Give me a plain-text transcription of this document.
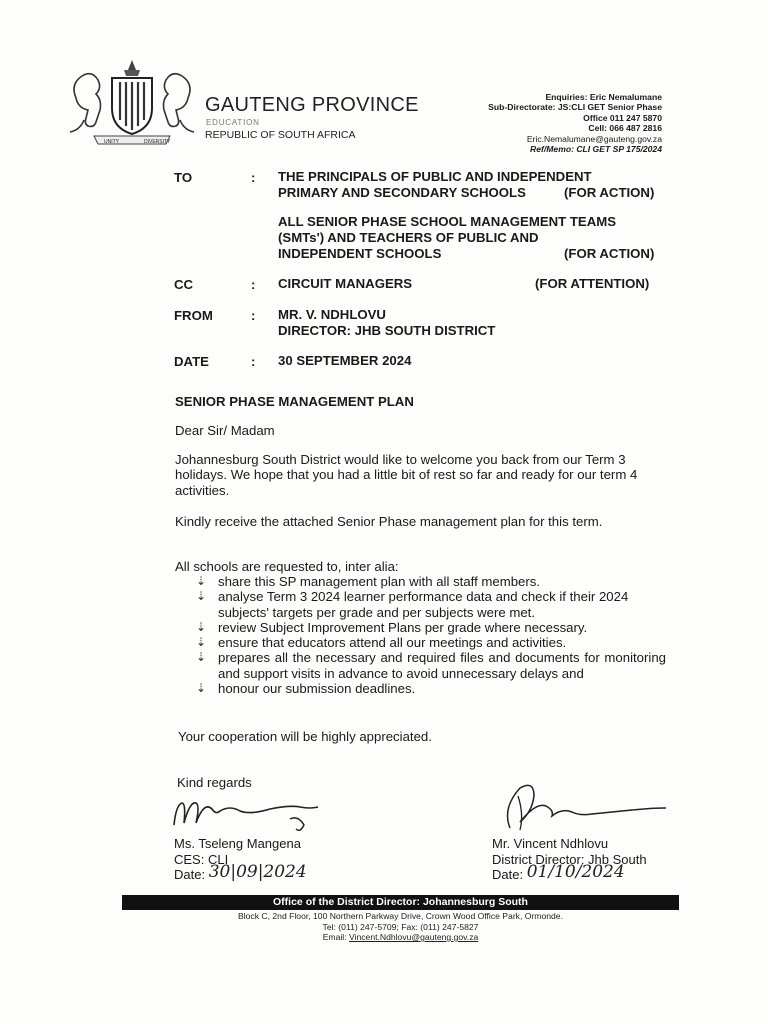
UNITY	DIVERSITY
GAUTENG PROVINCE
EDUCATION
REPUBLIC OF SOUTH AFRICA
Enquiries: Eric Nemalumane
Sub-Directorate: JS:CLI GET Senior Phase
Office 011 247 5870
Cell: 066 487 2816
Eric.Nemalumane@gauteng.gov.za
Ref/Memo: CLI GET SP 175/2024
TO	: THE PRINCIPALS OF PUBLIC AND INDEPENDENT
PRIMARY AND SECONDARY SCHOOLS	(FOR ACTION)
ALL SENIOR PHASE SCHOOL MANAGEMENT TEAMS
(SMTs') AND TEACHERS OF PUBLIC AND
INDEPENDENT SCHOOLS	(FOR ACTION)
CC	: CIRCUIT MANAGERS	(FOR ATTENTION)
FROM	: MR. V. NDHLOVU
DIRECTOR: JHB SOUTH DISTRICT
DATE	: 30 SEPTEMBER 2024
SENIOR PHASE MANAGEMENT PLAN
Dear Sir/ Madam
Johannesburg South District would like to welcome you back from our Term 3 holidays. We hope that you had a little bit of rest so far and ready for our term 4 activities.
Kindly receive the attached Senior Phase management plan for this term.
All schools are requested to, inter alia:
⇣ share this SP management plan with all staff members.
⇣ analyse Term 3 2024 learner performance data and check if their 2024 subjects' targets per grade and per subjects were met.
⇣ review Subject Improvement Plans per grade where necessary.
⇣ ensure that educators attend all our meetings and activities.
⇣ prepares all the necessary and required files and documents for monitoring and support visits in advance to avoid unnecessary delays and
⇣ honour our submission deadlines.
Your cooperation will be highly appreciated.
Kind regards
Ms. Tseleng Mangena
CES: CLI
Date: 30|09|2024
Mr. Vincent Ndhlovu
District Director: Jhb South
Date: 01/10/2024
Office of the District Director: Johannesburg South
Block C, 2nd Floor, 100 Northern Parkway Drive, Crown Wood Office Park, Ormonde.
Tel: (011) 247-5709; Fax: (011) 247-5827
Email: Vincent.Ndhlovu@gauteng.gov.za
